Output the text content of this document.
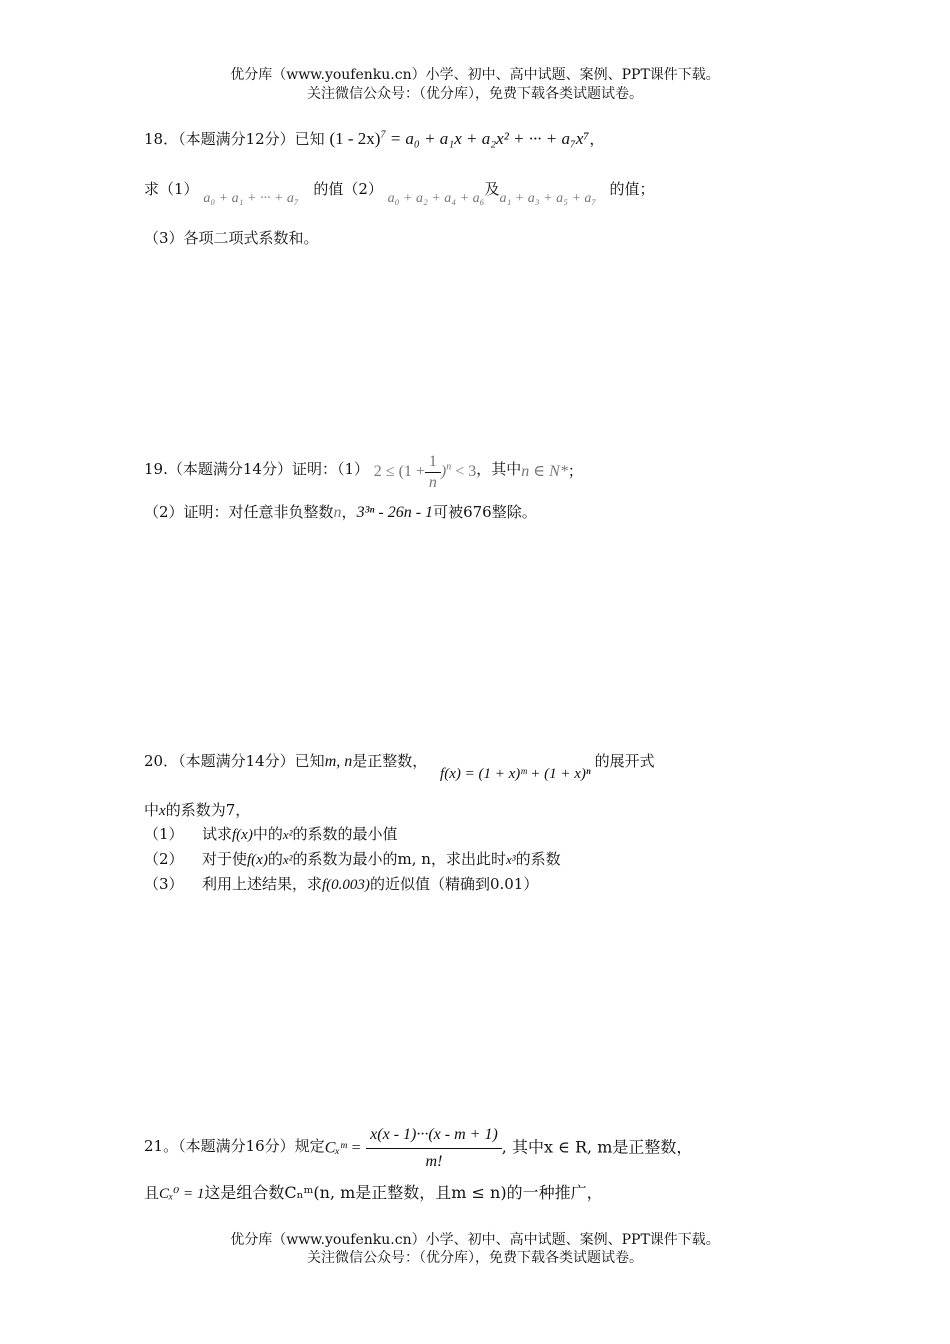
优分库（www.youfenku.cn）小学、初中、高中试题、案例、PPT课件下载。
关注微信公众号：（优分库），免费下载各类试题试卷。
18．（本题满分12分）已知 (1 - 2x)$^7$ = a₀ + a₁x + a₂x² + ··· + a₇x⁷，
求（1） a₀ + a₁ + ··· + a₇的值（2） a₀ + a₂ + a₄ + a₆及a₁ + a₃ + a₅ + a₇的值；
（3）各项二项式系数和。
19.（本题满分14分）证明：（1） $2 \le (1 + \frac{1}{n} )^n < 3$，其中n ∈ N*；
（2）证明：对任意非负整数n，3³ⁿ - 26n - 1可被676整除。
20．（本题满分14分）已知m, n是正整数， f(x) = (1 + x)ᵐ + (1 + x)ⁿ的展开式
中x的系数为7，
（1） 试求f(x)中的x²的系数的最小值
（2） 对于使f(x)的x²的系数为最小的m, n，求出此时x³的系数
（3） 利用上述结果，求f(0.003)的近似值（精确到0.01）
21。（本题满分16分）规定Cₓᵐ = $\frac{x(x - 1)\cdot\cdot\cdot(x - m + 1)}{m!}$ , 其中x ∈ R, m是正整数，
且Cₓ⁰ = 1这是组合数Cₙᵐ(n, m是正整数，且m ≤ n)的一种推广，
优分库（www.youfenku.cn）小学、初中、高中试题、案例、PPT课件下载。
关注微信公众号：（优分库），免费下载各类试题试卷。
